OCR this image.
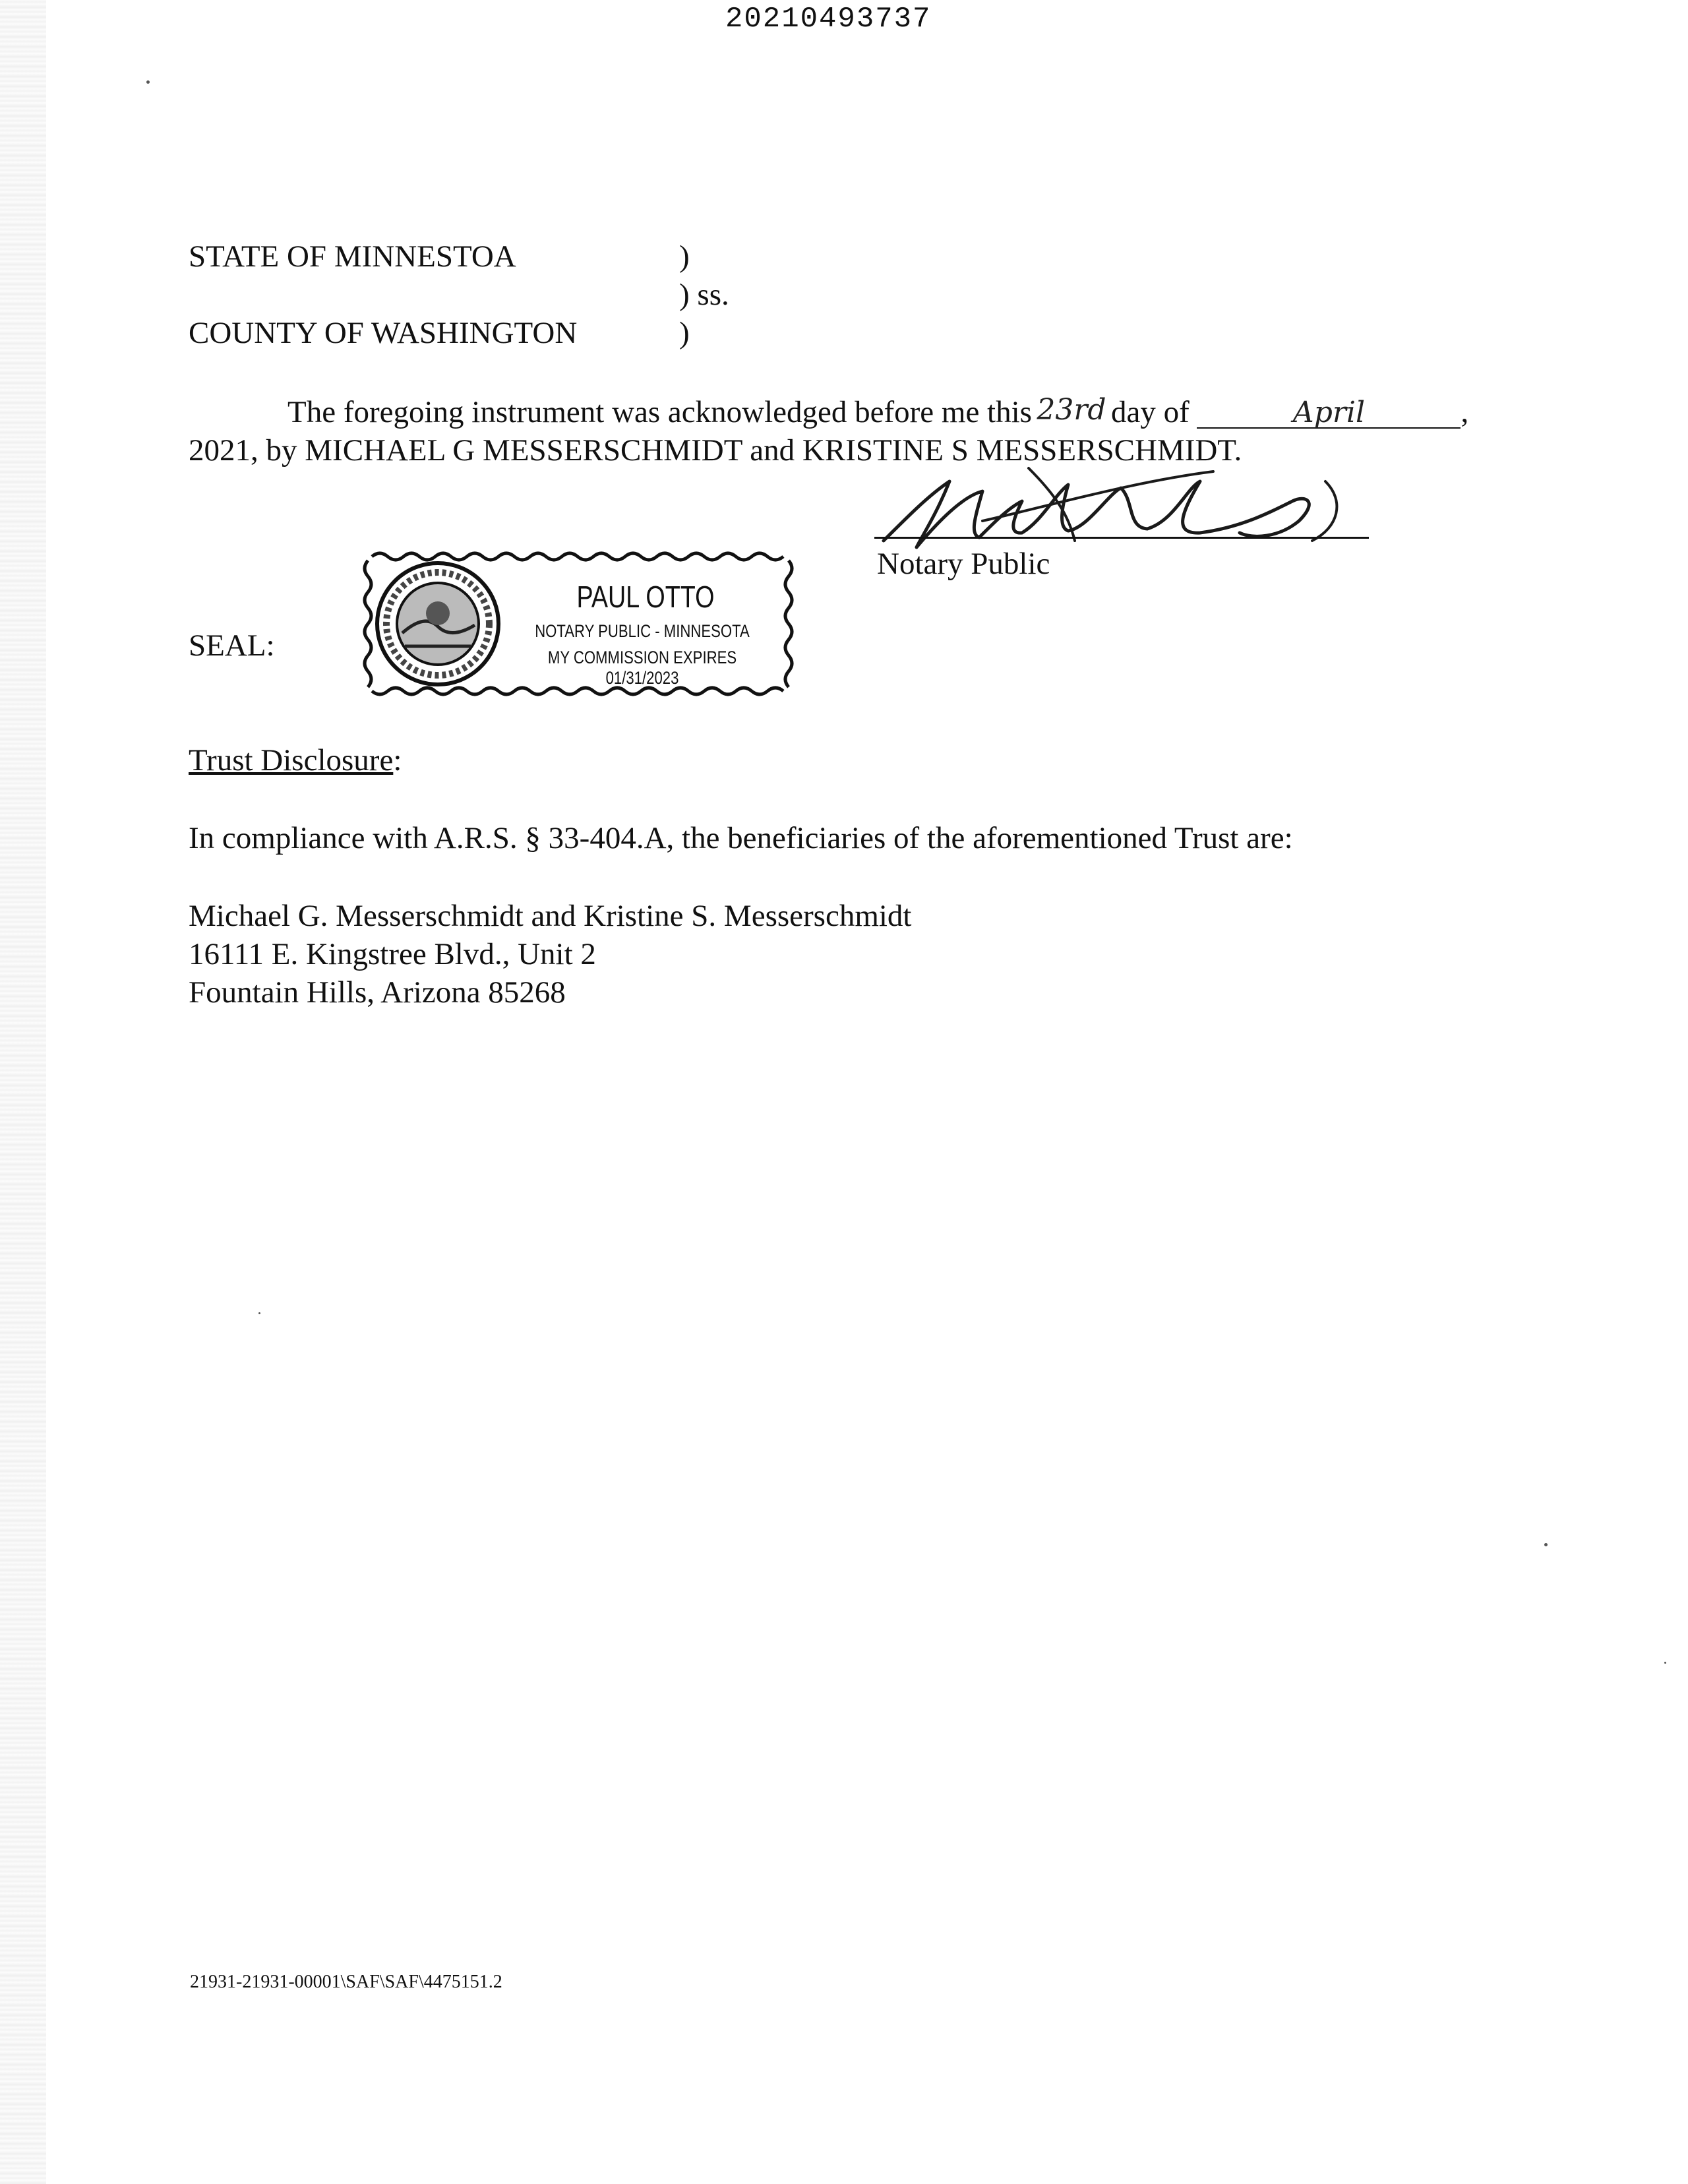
20210493737
STATE OF MINNESTOA	)
) ss.
COUNTY OF WASHINGTON	)
The foregoing instrument was acknowledged before me this 23rd day of	April	,
2021, by MICHAEL G MESSERSCHMIDT and KRISTINE S MESSERSCHMIDT.
Notary Public
SEAL:
PAUL OTTO
NOTARY PUBLIC - MINNESOTA
MY COMMISSION EXPIRES 01/31/2023
Trust Disclosure:
In compliance with A.R.S. § 33-404.A, the beneficiaries of the aforementioned Trust are:
Michael G. Messerschmidt and Kristine S. Messerschmidt
16111 E. Kingstree Blvd., Unit 2
Fountain Hills, Arizona 85268
21931-21931-00001\SAF\SAF\4475151.2
